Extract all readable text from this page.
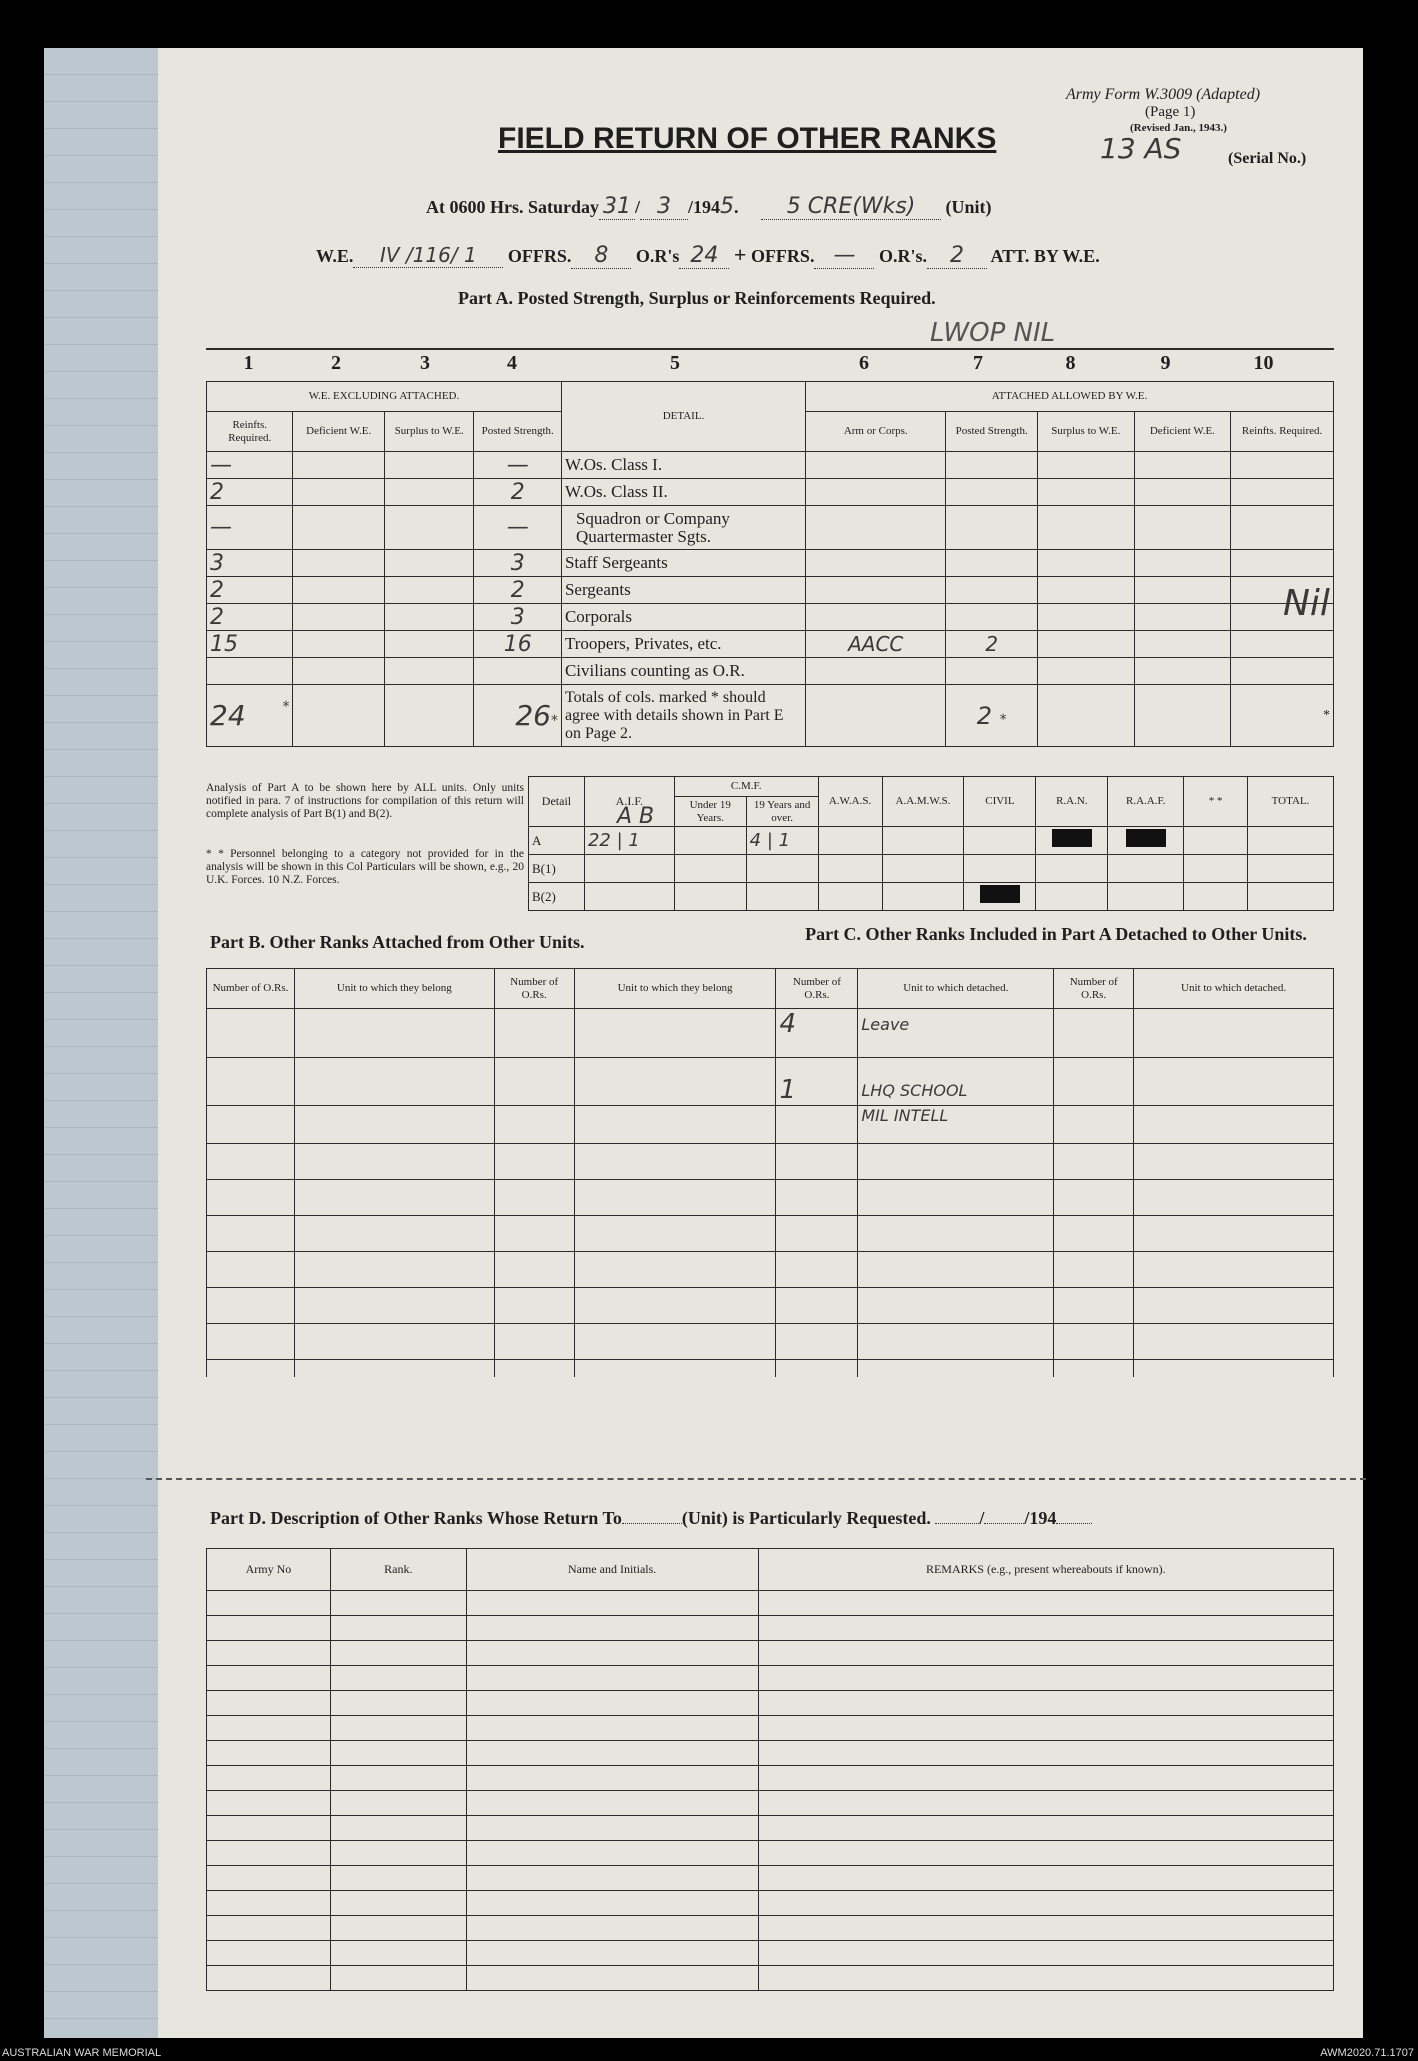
Army Form W.3009 (Adapted)
(Page 1)
(Revised Jan., 1943.)
13 AS	(Serial No.)
FIELD RETURN OF OTHER RANKS
At 0600 Hrs. Saturday 31 / 3 /1945. 5 CRE(Wks) (Unit)
W.E. IV /116/ 1 OFFRS. 8 O.R's 24 + OFFRS. — O.R's. 2 ATT. BY W.E.
Part A. Posted Strength, Surplus or Reinforcements Required.
LWOP NIL
1	2	3	4	5	6	7	8	9	10
W.E. EXCLUDING ATTACHED.				DETAIL.	ATTACHED ALLOWED BY W.E.				
Reinfts. Required.	Deficient W.E.	Surplus to W.E.	Posted Strength.		Arm or Corps.	Posted Strength.	Surplus to W.E.	Deficient W.E.	Reinfts. Required.
—			—	W.Os. Class I.					
2			2	W.Os. Class II.					
—			—	Squadron or Company Quartermaster Sgts.					
3			3	Staff Sergeants					
2			2	Sergeants					
2			3	Corporals					
15			16	Troopers, Privates, etc.	AACC	2			
				Civilians counting as O.R.					
24 *			26*	Totals of cols. marked * should agree with details shown in Part E on Page 2.		2 *			*
Nil
Analysis of Part A to be shown here by ALL units. Only units notified in para. 7 of instructions for compilation of this return will complete analysis of Part B(1) and B(2).
* * Personnel belonging to a category not provided for in the analysis will be shown in this Col Particulars will be shown, e.g., 20 U.K. Forces. 10 N.Z. Forces.
Detail	A.I.F.	C.M.F.		A.W.A.S.	A.A.M.W.S.	CIVIL	R.A.N.	R.A.A.F.	* *	TOTAL.
		Under 19 Years.	19 Years and over.							
A	22 | 1		4 | 1							
B(1)										
B(2)										
A B
Part B. Other Ranks Attached from Other Units.	Part C. Other Ranks Included in Part A Detached to Other Units.
Number of O.Rs.	Unit to which they belong	Number of O.Rs.	Unit to which they belong	Number of O.Rs.	Unit to which detached.	Number of O.Rs.	Unit to which detached.
				4	Leave		

				1	LHQ SCHOOL		
					MIL INTELL		

Part D. Description of Other Ranks Whose Return To	(Unit) is Particularly Requested.	/ /194
Army No	Rank.	Name and Initials.	REMARKS (e.g., present whereabouts if known).

AUSTRALIAN WAR MEMORIAL	AWM2020.71.1707
